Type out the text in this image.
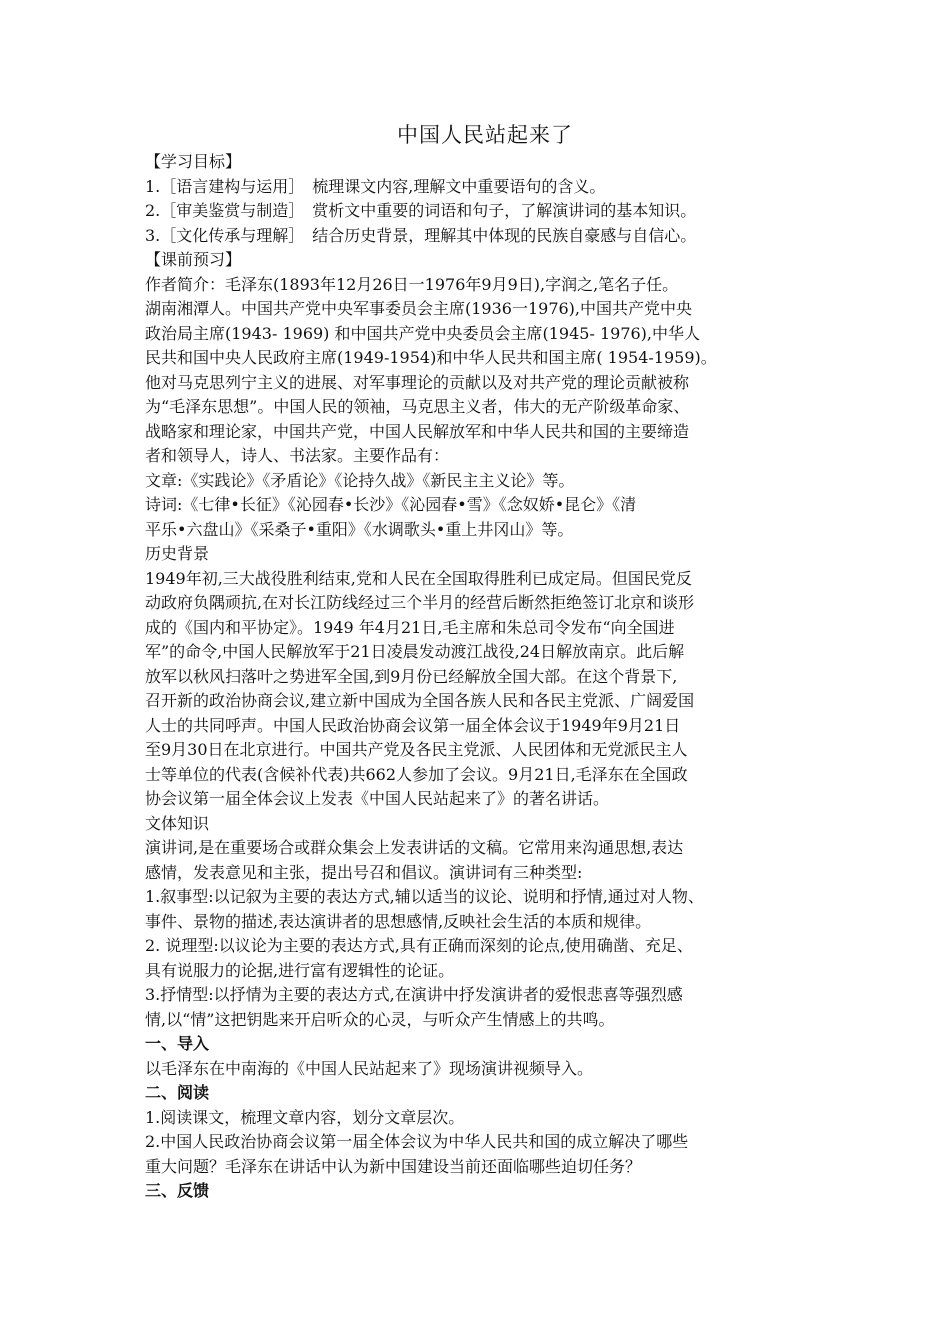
中国人民站起来了
【学习目标】
1.［语言建构与运用］　梳理课文内容,理解文中重要语句的含义。
2.［审美鉴赏与制造］　赏析文中重要的词语和句子，了解演讲词的基本知识。
3.［文化传承与理解］　结合历史背景，理解其中体现的民族自豪感与自信心。
【课前预习】
作者简介：毛泽东(1893年12月26日一1976年9月9日),字润之,笔名子任。
湖南湘潭人。中国共产党中央军事委员会主席(1936一1976),中国共产党中央
政治局主席(1943- 1969) 和中国共产党中央委员会主席(1945- 1976),中华人
民共和国中央人民政府主席(1949-1954)和中华人民共和国主席( 1954-1959)。
他对马克思列宁主义的进展、对军事理论的贡献以及对共产党的理论贡献被称
为“毛泽东思想”。中国人民的领袖，马克思主义者，伟大的无产阶级革命家、
战略家和理论家，中国共产党，中国人民解放军和中华人民共和国的主要缔造
者和领导人，诗人、书法家。主要作品有：
文章:《实践论》《矛盾论》《论持久战》《新民主主义论》等。
诗词:《七律•长征》《沁园春•长沙》《沁园春•雪》《念奴娇•昆仑》《清
平乐•六盘山》《采桑子•重阳》《水调歌头•重上井冈山》等。
历史背景
1949年初,三大战役胜利结束,党和人民在全国取得胜利已成定局。但国民党反
动政府负隅顽抗,在对长江防线经过三个半月的经营后断然拒绝签订北京和谈形
成的《国内和平协定》。1949 年4月21日,毛主席和朱总司令发布“向全国进
军”的命令,中国人民解放军于21日凌晨发动渡江战役,24日解放南京。此后解
放军以秋风扫落叶之势进军全国,到9月份已经解放全国大部。在这个背景下,
召开新的政治协商会议,建立新中国成为全国各族人民和各民主党派、广阔爱国
人士的共同呼声。中国人民政治协商会议第一届全体会议于1949年9月21日
至9月30日在北京进行。中国共产党及各民主党派、人民团体和无党派民主人
士等单位的代表(含候补代表)共662人参加了会议。9月21日,毛泽东在全国政
协会议第一届全体会议上发表《中国人民站起来了》的著名讲话。
文体知识
演讲词,是在重要场合或群众集会上发表讲话的文稿。它常用来沟通思想,表达
感情，发表意见和主张，提出号召和倡议。演讲词有三种类型:
1.叙事型:以记叙为主要的表达方式,辅以适当的议论、说明和抒情,通过对人物、
事件、景物的描述,表达演讲者的思想感情,反映社会生活的本质和规律。
2. 说理型:以议论为主要的表达方式,具有正确而深刻的论点,使用确凿、充足、
具有说服力的论据,进行富有逻辑性的论证。
3.抒情型:以抒情为主要的表达方式,在演讲中抒发演讲者的爱恨悲喜等强烈感
情,以“情”这把钥匙来开启听众的心灵，与听众产生情感上的共鸣。
一、导入
以毛泽东在中南海的《中国人民站起来了》现场演讲视频导入。
二、阅读
1.阅读课文，梳理文章内容，划分文章层次。
2.中国人民政治协商会议第一届全体会议为中华人民共和国的成立解决了哪些
重大问题？毛泽东在讲话中认为新中国建设当前还面临哪些迫切任务？
三、反馈
